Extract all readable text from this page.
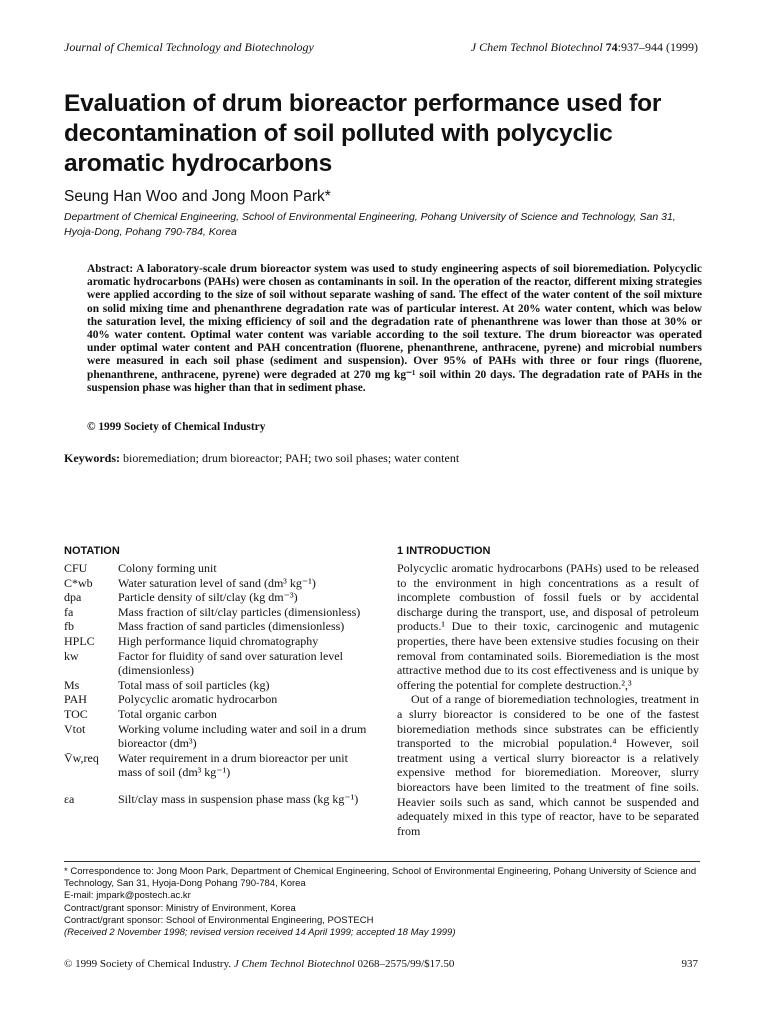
Journal of Chemical Technology and Biotechnology	J Chem Technol Biotechnol 74:937–944 (1999)
Evaluation of drum bioreactor performance used for decontamination of soil polluted with polycyclic aromatic hydrocarbons
Seung Han Woo and Jong Moon Park*

Department of Chemical Engineering, School of Environmental Engineering, Pohang University of Science and Technology, San 31, Hyoja-Dong, Pohang 790-784, Korea

Abstract: A laboratory-scale drum bioreactor system was used to study engineering aspects of soil bioremediation. Polycyclic aromatic hydrocarbons (PAHs) were chosen as contaminants in soil. In the operation of the reactor, different mixing strategies were applied according to the size of soil without separate washing of sand. The effect of the water content of the soil mixture on solid mixing time and phenanthrene degradation rate was of particular interest. At 20% water content, which was below the saturation level, the mixing efficiency of soil and the degradation rate of phenanthrene was lower than those at 30% or 40% water content. Optimal water content was variable according to the soil texture. The drum bioreactor was operated under optimal water content and PAH concentration (fluorene, phenanthrene, anthracene, pyrene) and microbial numbers were measured in each soil phase (sediment and suspension). Over 95% of PAHs with three or four rings (fluorene, phenanthrene, anthracene, pyrene) were degraded at 270 mg kg⁻¹ soil within 20 days. The degradation rate of PAHs in the suspension phase was higher than that in sediment phase.

© 1999 Society of Chemical Industry
Keywords: bioremediation; drum bioreactor; PAH; two soil phases; water content
NOTATION
CFU	Colony forming unit
C*wb	Water saturation level of sand (dm³ kg⁻¹)
dpa	Particle density of silt/clay (kg dm⁻³)
fa	Mass fraction of silt/clay particles (dimensionless)
fb	Mass fraction of sand particles (dimensionless)
HPLC	High performance liquid chromatography
kw	Factor for fluidity of sand over saturation level (dimensionless)
Ms	Total mass of soil particles (kg)
PAH	Polycyclic aromatic hydrocarbon
TOC	Total organic carbon
Vtot	Working volume including water and soil in a drum bioreactor (dm³)
V̄w,req	Water requirement in a drum bioreactor per unit mass of soil (dm³ kg⁻¹)
εa	Silt/clay mass in suspension phase mass (kg kg⁻¹)
1 INTRODUCTION

Polycyclic aromatic hydrocarbons (PAHs) used to be released to the environment in high concentrations as a result of incomplete combustion of fossil fuels or by accidental discharge during the transport, use, and disposal of petroleum products.¹ Due to their toxic, carcinogenic and mutagenic properties, there have been extensive studies focusing on their removal from contaminated soils. Bioremediation is the most attractive method due to its cost effectiveness and is unique by offering the potential for complete destruction.²,³

Out of a range of bioremediation technologies, treatment in a slurry bioreactor is considered to be one of the fastest bioremediation methods since substrates can be efficiently transported to the microbial population.⁴ However, soil treatment using a vertical slurry bioreactor is a relatively expensive method for bioremediation. Moreover, slurry bioreactors have been limited to the treatment of fine soils. Heavier soils such as sand, which cannot be suspended and adequately mixed in this type of reactor, have to be separated from

* Correspondence to: Jong Moon Park, Department of Chemical Engineering, School of Environmental Engineering, Pohang University of Science and Technology, San 31, Hyoja-Dong Pohang 790-784, Korea
E-mail: jmpark@postech.ac.kr
Contract/grant sponsor: Ministry of Environment, Korea
Contract/grant sponsor: School of Environmental Engineering, POSTECH
(Received 2 November 1998; revised version received 14 April 1999; accepted 18 May 1999)
© 1999 Society of Chemical Industry. J Chem Technol Biotechnol 0268–2575/99/$17.50	937
